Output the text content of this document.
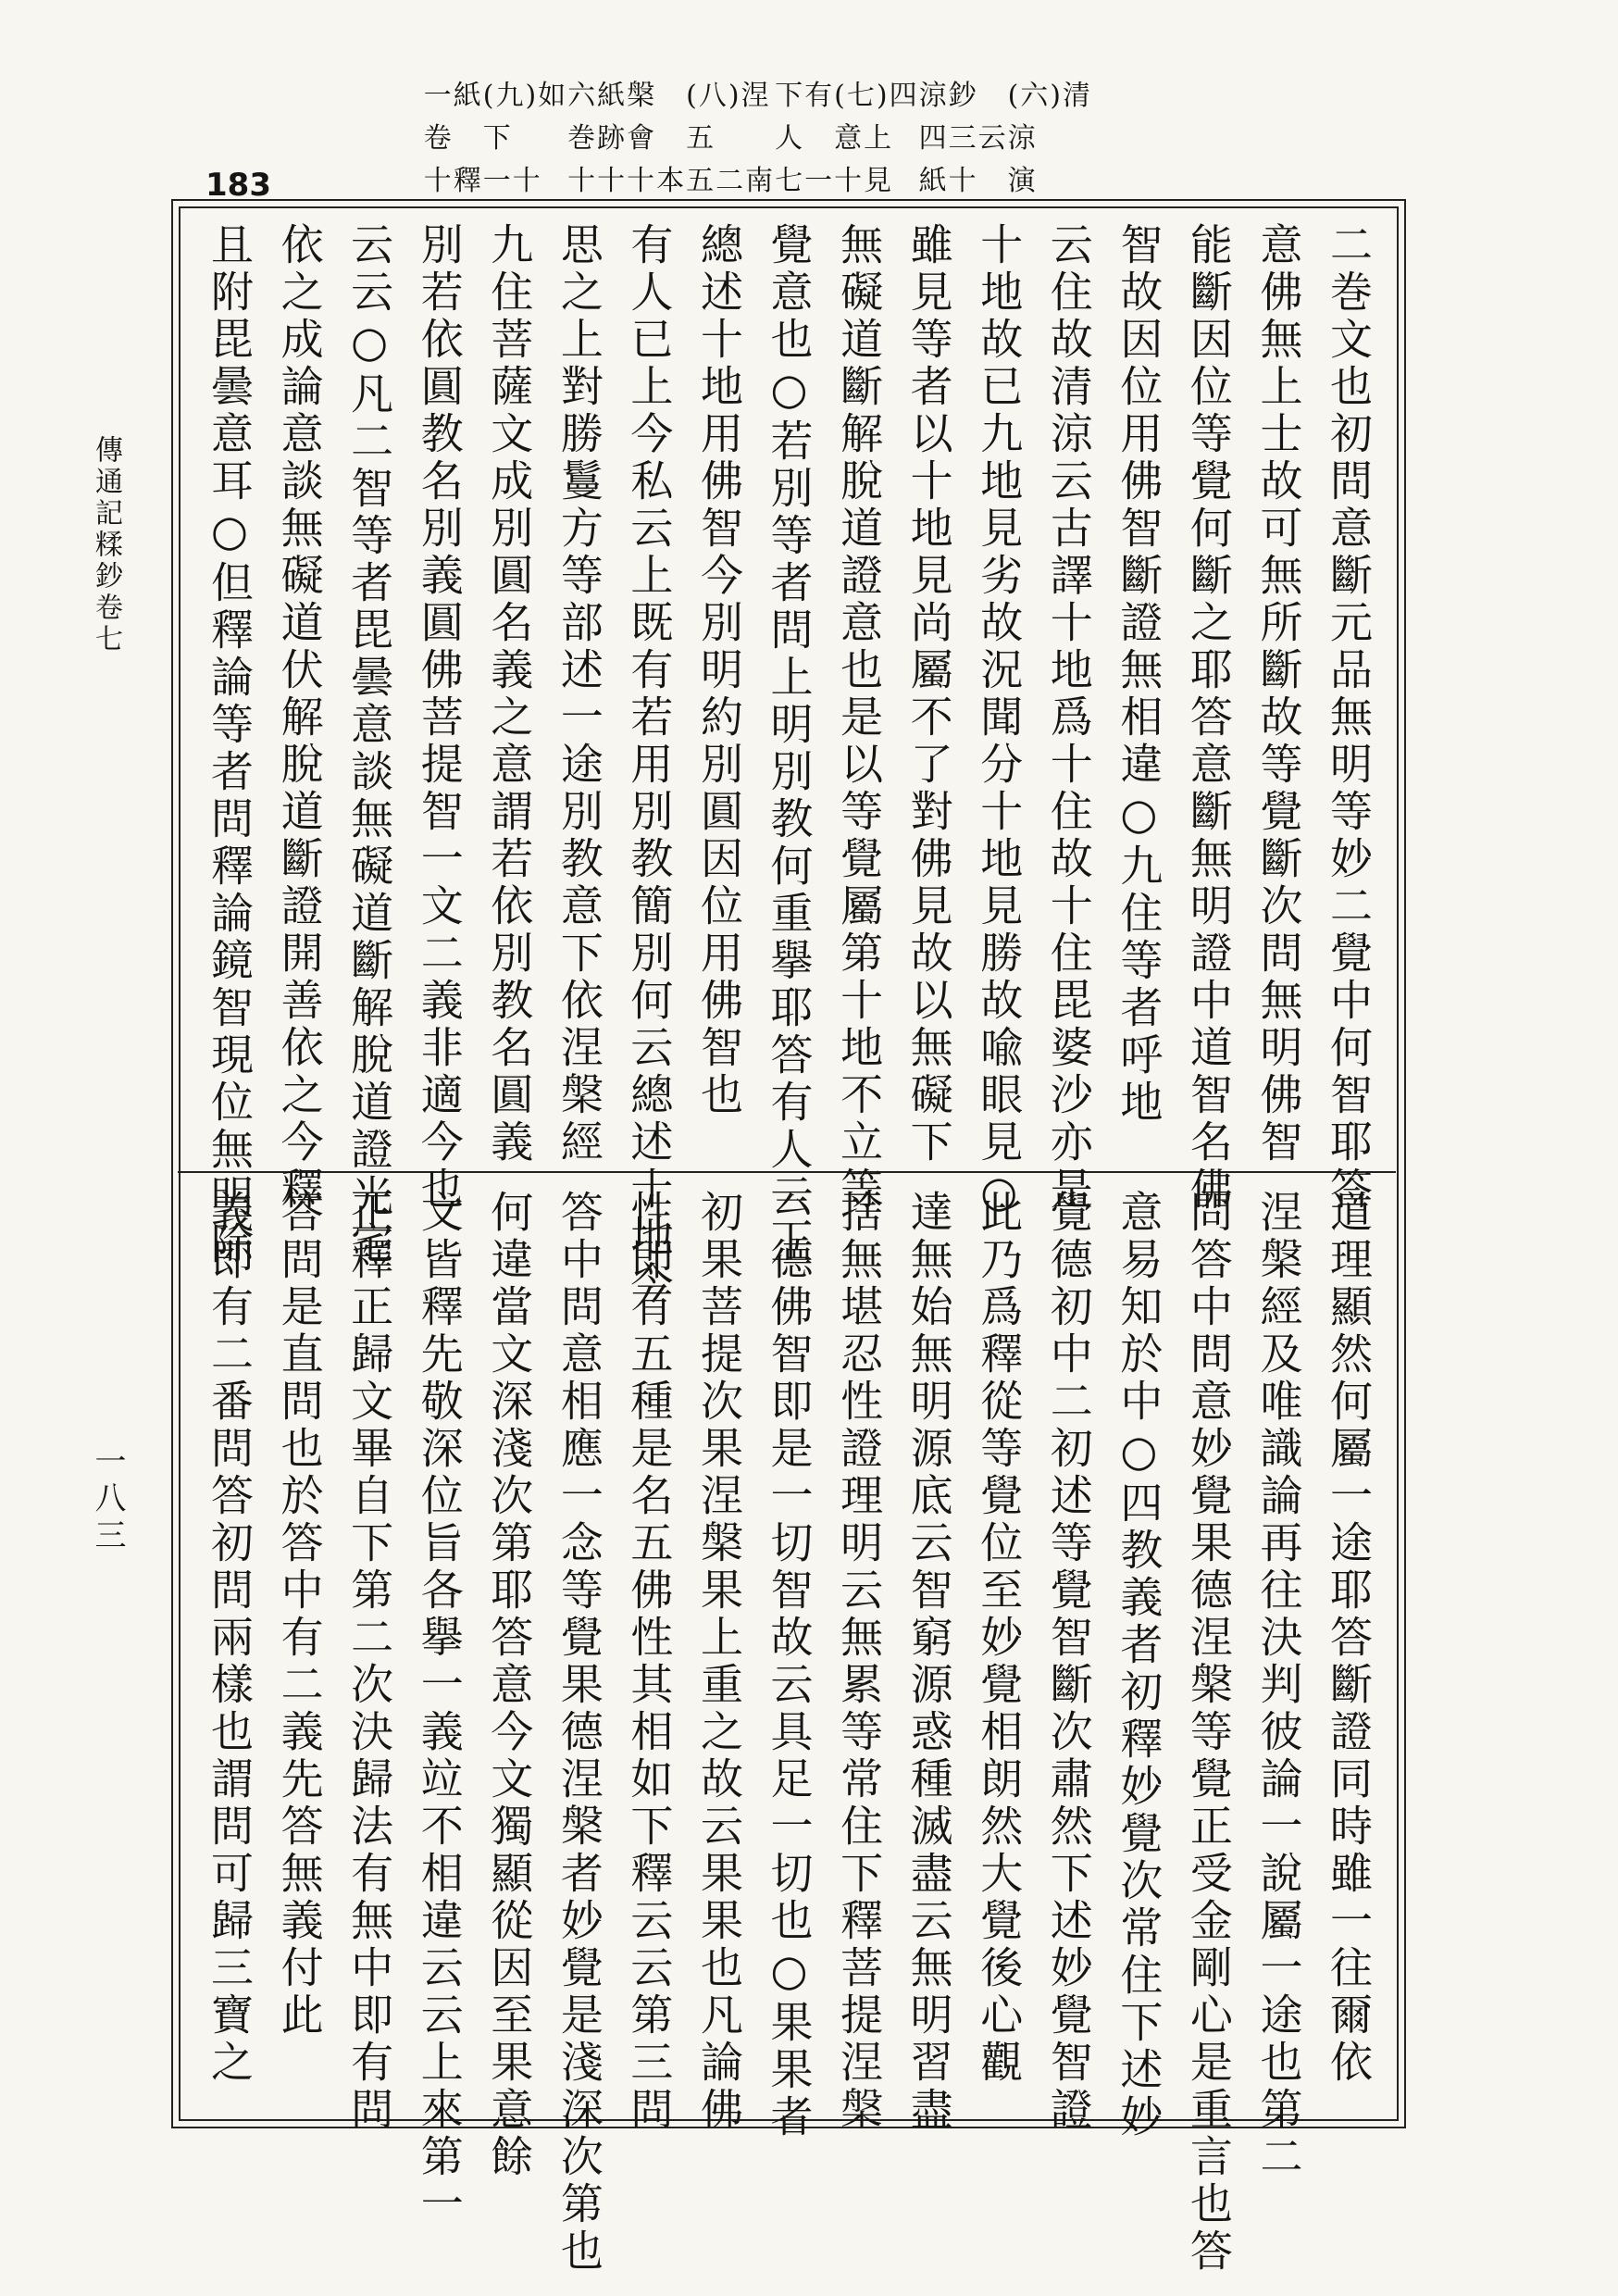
(六)清
涼
演
涼鈔
四三云
紙十
(七)四
意上
十見
下有
人
七一
(八)涅
五
五二南
槃
會
十本
六紙
巻跡
十十
(九)如
下
一十
一紙
卷
十釋
183
傳通記糅鈔卷七
一八三
二巻文也初問意斷元品無明等妙二覺中何智耶答
意佛無上士故可無所斷故等覺斷次問無明佛智
能斷因位等覺何斷之耶答意斷無明證中道智名佛
智故因位用佛智斷證無相違○九住等者呼地
云住故清涼云古譯十地爲十住故十住毘婆沙亦是
十地故已九地見劣故況聞分十地見勝故喩眼見○
雖見等者以十地見尚屬不了對佛見故以無礙下
無礙道斷解脫道證意也是以等覺屬第十地不立等
覺意也○若別等者問上明別教何重擧耶答有人云上
總述十地用佛智今別明約別圓因位用佛智也
有人已上今私云上既有若用別教簡別何云總述十地今
思之上對勝鬘方等部述一途別教意下依涅槃經
九住菩薩文成別圓名義之意謂若依別教名圓義
別若依圓教名別義圓佛菩提智一文二義非適今也
云云○凡二智等者毘曇意談無礙道斷解脫道證光宅
依之成論意談無礙道伏解脫道斷證開善依之今釋
且附毘曇意耳○但釋論等者問釋論鏡智現位無明除
道理顯然何屬一途耶答斷證同時雖一往爾依
涅槃經及唯識論再往決判彼論一說屬一途也第二
問答中問意妙覺果德涅槃等覺正受金剛心是重言也答
意易知於中○四教義者初釋妙覺次常住下述妙
覺德初中二初述等覺智斷次肅然下述妙覺智證
此乃爲釋從等覺位至妙覺相朗然大覺後心觀
達無始無明源底云智窮源惑種滅盡云無明習盡
捨無堪忍性證理明云無累等常住下釋菩提涅槃
二德佛智即是一切智故云具足一切也○果果者
初果菩提次果涅槃果上重之故云果果也凡論佛
性即有五種是名五佛性其相如下釋云云第三問
答中問意相應一念等覺果德涅槃者妙覺是淺深次第也
何違當文深淺次第耶答意今文獨顯從因至果意餘
文皆釋先敬深位旨各擧一義竝不相違云云上來第一
正釋正歸文畢自下第二次決歸法有無中即有問
答問是直問也於答中有二義先答無義付此
義即有二番問答初問兩樣也謂問可歸三寶之
